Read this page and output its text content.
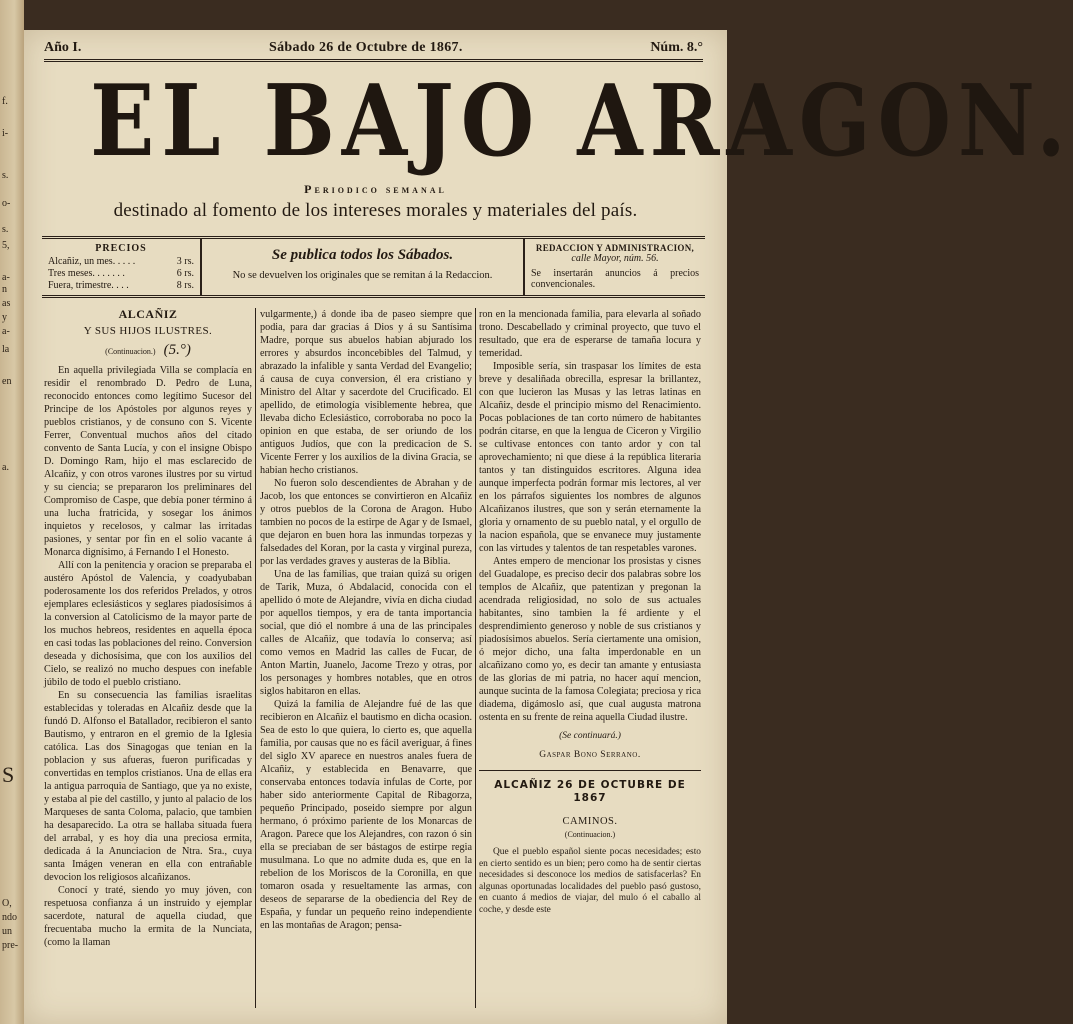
f.
i-
s.
o-
s.
5,
a-
n
as
y
a-
la
en
a.
S
O,
ndo
un
pre-
Año I.	Sábado 26 de Octubre de 1867.	Núm. 8.°
EL BAJO ARAGON.
Periodico semanal
destinado al fomento de los intereses morales y materiales del país.
PRECIOS
Alcañiz, un mes. . . . .	3 rs.
Tres meses. . . . . . .	6 rs.
Fuera, trimestre. . . .	8 rs.
Se publica todos los Sábados.
No se devuelven los originales que se remitan á la Redaccion.
REDACCION Y ADMINISTRACION,
calle Mayor, núm. 56.
Se insertarán anuncios á precios convencionales.
ALCAÑIZ
Y SUS HIJOS ILUSTRES.
(Continuacion.) (5.°)

En aquella privilegiada Villa se complacía en residir el renombrado D. Pedro de Luna, reconocido entonces como legítimo Sucesor del Principe de los Apóstoles por algunos reyes y pueblos cristianos, y de consuno con S. Vicente Ferrer, Conventual muchos años del citado convento de Santa Lucía, y con el insigne Obispo D. Domingo Ram, hijo el mas esclarecido de Alcañiz, y con otros varones ilustres por su virtud y su ciencia; se prepararon los preliminares del Compromiso de Caspe, que debía poner término á una lucha fratricida, y sosegar los ánimos inquietos y recelosos, y calmar las irritadas pasiones, y sentar por fin en el solio vacante á Monarca dignísimo, á Fernando I el Honesto.

Allí con la penitencia y oracion se preparaba el austéro Apóstol de Valencia, y coadyubaban poderosamente los dos referidos Prelados, y otros ejemplares eclesiásticos y seglares piadosísimos á la conversion al Catolicismo de la mayor parte de los muchos hebreos, residentes en aquella época en casi todas las poblaciones del reino. Conversion deseada y dichosísima, que con los auxilios del Cielo, se realizó no mucho despues con inefable júbilo de todo el pueblo cristiano.

En su consecuencia las familias israelitas establecidas y toleradas en Alcañiz desde que la fundó D. Alfonso el Batallador, recibieron el santo Bautismo, y entraron en el gremio de la Iglesia católica. Las dos Sinagogas que tenian en la poblacion y sus afueras, fueron purificadas y convertidas en templos cristianos. Una de ellas era la antigua parroquia de Santiago, que ya no existe, y estaba al pie del castillo, y junto al palacio de los Marqueses de santa Coloma, palacio, que tambien ha desaparecido. La otra se hallaba situada fuera del arrabal, y es hoy dia una preciosa ermita, dedicada á la Anunciacion de Ntra. Sra., cuya santa Imágen veneran en ella con entrañable devocion los religiosos alcañizanos.

Conocí y traté, siendo yo muy jóven, con respetuosa confianza á un instruido y ejemplar sacerdote, natural de aquella ciudad, que frecuentaba mucho la ermita de la Nunciata, (como la llaman

vulgarmente,) á donde iba de paseo siempre que podia, para dar gracias á Dios y á su Santísima Madre, porque sus abuelos habian abjurado los errores y absurdos inconcebibles del Talmud, y abrazado la infalible y santa Verdad del Evangelio; á causa de cuya conversion, él era cristiano y Ministro del Altar y sacerdote del Crucificado. El apellido, de etimología visiblemente hebrea, que llevaba dicho Eclesiástico, corroboraba no poco la opinion en que estaba, de ser oriundo de los antiguos Judíos, que con la predicacion de S. Vicente Ferrer y los auxilios de la divina Gracia, se habian hecho cristianos.

No fueron solo descendientes de Abrahan y de Jacob, los que entonces se convirtieron en Alcañiz y otros pueblos de la Corona de Aragon. Hubo tambien no pocos de la estirpe de Agar y de Ismael, que dejaron en buen hora las inmundas torpezas y falsedades del Koran, por la casta y virginal pureza, por las verdades graves y austeras de la Biblia.

Una de las familias, que traian quizá su origen de Tarik, Muza, ó Abdalacid, conocida con el apellido ó mote de Alejandre, vivía en dicha ciudad por aquellos tiempos, y era de tanta importancia social, que dió el nombre á una de las principales calles de Alcañiz, que todavía lo conserva; así como vemos en Madrid las calles de Fucar, de Anton Martin, Juanelo, Jacome Trezo y otras, por los personages y hombres notables, que en otros siglos habitaron en ellas.

Quizá la familia de Alejandre fué de las que recibieron en Alcañiz el bautismo en dicha ocasion. Sea de esto lo que quiera, lo cierto es, que aquella familia, por causas que no es fácil averiguar, á fines del siglo XV aparece en nuestros anales fuera de Alcañiz, y establecida en Benavarre, que conservaba entonces todavía infulas de Corte, por haber sido anteriormente Capital de Ribagorza, pequeño Principado, poseido siempre por algun hermano, ó próximo pariente de los Monarcas de Aragon. Parece que los Alejandres, con razon ó sin ella se preciaban de ser bástagos de estirpe regia musulmana. Lo que no admite duda es, que en la rebelion de los Moriscos de la Coronilla, en que tomaron osada y resueltamente las armas, con deseos de separarse de la obediencia del Rey de España, y fundar un pequeño reino independiente en las montañas de Aragon; pensa-

ron en la mencionada familia, para elevarla al soñado trono. Descabellado y criminal proyecto, que tuvo el resultado, que era de esperarse de tamaña locura y temeridad.

Imposible sería, sin traspasar los límites de esta breve y desaliñada obrecilla, espresar la brillantez, con que lucieron las Musas y las letras latinas en Alcañiz, desde el principio mismo del Renacimiento. Pocas poblaciones de tan corto número de habitantes podrán citarse, en que la lengua de Ciceron y Virgilio se cultivase entonces con tanto ardor y con tal aprovechamiento; ni que diese á la república literaria tantos y tan distinguidos escritores. Alguna idea aunque imperfecta podrán formar mis lectores, al ver en los párrafos siguientes los nombres de algunos Alcañizanos ilustres, que son y serán eternamente la gloria y ornamento de su pueblo natal, y el orgullo de la nacion española, que se envanece muy justamente con las virtudes y talentos de tan respetables varones.

Antes empero de mencionar los prosistas y cisnes del Guadalope, es preciso decir dos palabras sobre los templos de Alcañiz, que patentizan y pregonan la acendrada religiosidad, no solo de sus actuales habitantes, sino tambien la fé ardiente y el desprendimiento generoso y noble de sus cristianos y piadosísimos abuelos. Sería ciertamente una omision, ó mejor dicho, una falta imperdonable en un alcañizano como yo, es decir tan amante y entusiasta de las glorias de mi patria, no hacer aquí mencion, aunque sucinta de la famosa Colegiata; preciosa y rica diadema, digámoslo así, que cual augusta matrona ostenta en su frente de reina aquella Ciudad ilustre.

(Se continuará.)
Gaspar Bono Serrano.
ALCAÑIZ 26 DE OCTUBRE DE 1867
CAMINOS.
(Continuacion.)

Que el pueblo español siente pocas necesidades; esto en cierto sentido es un bien; pero como ha de sentir ciertas necesidades si desconoce los medios de satisfacerlas? En algunas oportunadas localidades del pueblo pasó gustoso, en cuanto á medios de viajar, del mulo ó el caballo al coche, y desde este
